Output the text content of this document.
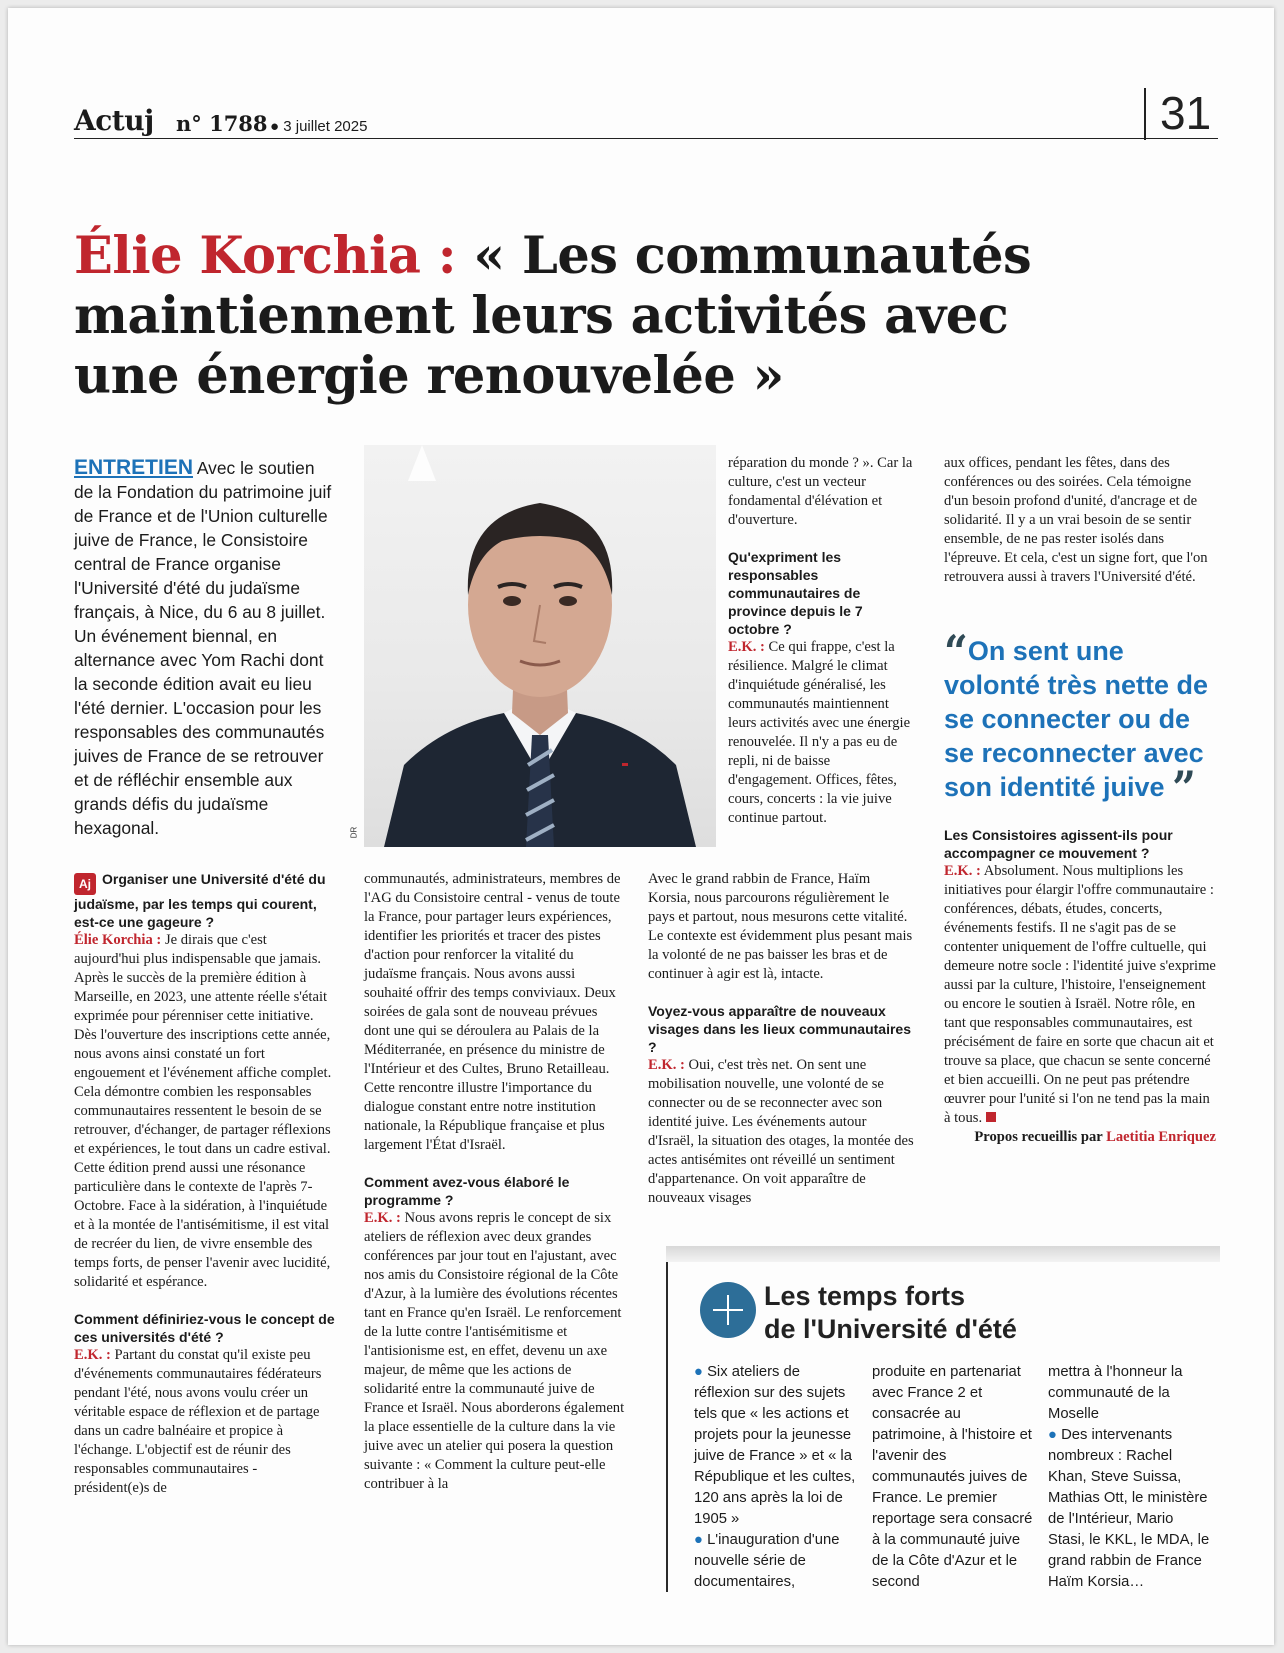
Actuj n° 1788 ● 3 juillet 2025	31
Élie Korchia : « Les communautés
maintiennent leurs activités avec
une énergie renouvelée »
ENTRETIEN Avec le soutien de la Fondation du patrimoine juif de France et de l'Union culturelle juive de France, le Consistoire central de France organise l'Université d'été du judaïsme français, à Nice, du 6 au 8 juillet. Un événement biennal, en alternance avec Yom Rachi dont la seconde édition avait eu lieu l'été dernier. L'occasion pour les responsables des communautés juives de France de se retrouver et de réfléchir ensemble aux grands défis du judaïsme hexagonal.	DR

Aj Organiser une Université d'été du judaïsme, par les temps qui courent, est-ce une gageure ?

Élie Korchia : Je dirais que c'est aujourd'hui plus indispensable que jamais. Après le succès de la première édition à Marseille, en 2023, une attente réelle s'était exprimée pour pérenniser cette initiative. Dès l'ouverture des inscriptions cette année, nous avons ainsi constaté un fort engouement et l'événement affiche complet. Cela démontre combien les responsables communautaires ressentent le besoin de se retrouver, d'échanger, de partager réflexions et expériences, le tout dans un cadre estival. Cette édition prend aussi une résonance particulière dans le contexte de l'après 7-Octobre. Face à la sidération, à l'inquiétude et à la montée de l'antisémitisme, il est vital de recréer du lien, de vivre ensemble des temps forts, de penser l'avenir avec lucidité, solidarité et espérance.

Comment définiriez-vous le concept de ces universités d'été ?

E.K. : Partant du constat qu'il existe peu d'événements communautaires fédérateurs pendant l'été, nous avons voulu créer un véritable espace de réflexion et de partage dans un cadre balnéaire et propice à l'échange. L'objectif est de réunir des responsables communautaires - président(e)s de
communautés, administrateurs, membres de l'AG du Consistoire central - venus de toute la France, pour partager leurs expériences, identifier les priorités et tracer des pistes d'action pour renforcer la vitalité du judaïsme français. Nous avons aussi souhaité offrir des temps conviviaux. Deux soirées de gala sont de nouveau prévues dont une qui se déroulera au Palais de la Méditerranée, en présence du ministre de l'Intérieur et des Cultes, Bruno Retailleau. Cette rencontre illustre l'importance du dialogue constant entre notre institution nationale, la République française et plus largement l'État d'Israël.

Comment avez-vous élaboré le programme ?

E.K. : Nous avons repris le concept de six ateliers de réflexion avec deux grandes conférences par jour tout en l'ajustant, avec nos amis du Consistoire régional de la Côte d'Azur, à la lumière des évolutions récentes tant en France qu'en Israël. Le renforcement de la lutte contre l'antisémitisme et l'antisionisme est, en effet, devenu un axe majeur, de même que les actions de solidarité entre la communauté juive de France et Israël. Nous aborderons également la place essentielle de la culture dans la vie juive avec un atelier qui posera la question suivante : « Comment la culture peut-elle contribuer à la
réparation du monde ? ». Car la culture, c'est un vecteur fondamental d'élévation et d'ouverture.

Qu'expriment les responsables communautaires de province depuis le 7 octobre ?

E.K. : Ce qui frappe, c'est la résilience. Malgré le climat d'inquiétude généralisé, les communautés maintiennent leurs activités avec une énergie renouvelée. Il n'y a pas eu de repli, ni de baisse d'engagement. Offices, fêtes, cours, concerts : la vie juive continue partout.
Avec le grand rabbin de France, Haïm Korsia, nous parcourons régulièrement le pays et partout, nous mesurons cette vitalité. Le contexte est évidemment plus pesant mais la volonté de ne pas baisser les bras et de continuer à agir est là, intacte.

Voyez-vous apparaître de nouveaux visages dans les lieux communautaires ?

E.K. : Oui, c'est très net. On sent une mobilisation nouvelle, une volonté de se connecter ou de se reconnecter avec son identité juive. Les événements autour d'Israël, la situation des otages, la montée des actes antisémites ont réveillé un sentiment d'appartenance. On voit apparaître de nouveaux visages
aux offices, pendant les fêtes, dans des conférences ou des soirées. Cela témoigne d'un besoin profond d'unité, d'ancrage et de solidarité. Il y a un vrai besoin de se sentir ensemble, de ne pas rester isolés dans l'épreuve. Et cela, c'est un signe fort, que l'on retrouvera aussi à travers l'Université d'été.
“On sent une volonté très nette de se connecter ou de se reconnecter avec son identité juive ”

Les Consistoires agissent-ils pour accompagner ce mouvement ?

E.K. : Absolument. Nous multiplions les initiatives pour élargir l'offre communautaire : conférences, débats, études, concerts, événements festifs. Il ne s'agit pas de se contenter uniquement de l'offre cultuelle, qui demeure notre socle : l'identité juive s'exprime aussi par la culture, l'histoire, l'enseignement ou encore le soutien à Israël. Notre rôle, en tant que responsables communautaires, est précisément de faire en sorte que chacun ait et trouve sa place, que chacun se sente concerné et bien accueilli. On ne peut pas prétendre œuvrer pour l'unité si l'on ne tend pas la main à tous.
Propos recueillis par Laetitia Enriquez
Les temps forts
de l'Université d'été
● Six ateliers de réflexion sur des sujets tels que « les actions et projets pour la jeunesse juive de France » et « la République et les cultes, 120 ans après la loi de 1905 »
● L'inauguration d'une nouvelle série de documentaires,
produite en partenariat avec France 2 et consacrée au patrimoine, à l'histoire et l'avenir des communautés juives de France. Le premier reportage sera consacré à la communauté juive de la Côte d'Azur et le second
mettra à l'honneur la communauté de la Moselle
● Des intervenants nombreux : Rachel Khan, Steve Suissa, Mathias Ott, le ministère de l'Intérieur, Mario Stasi, le KKL, le MDA, le grand rabbin de France Haïm Korsia…
